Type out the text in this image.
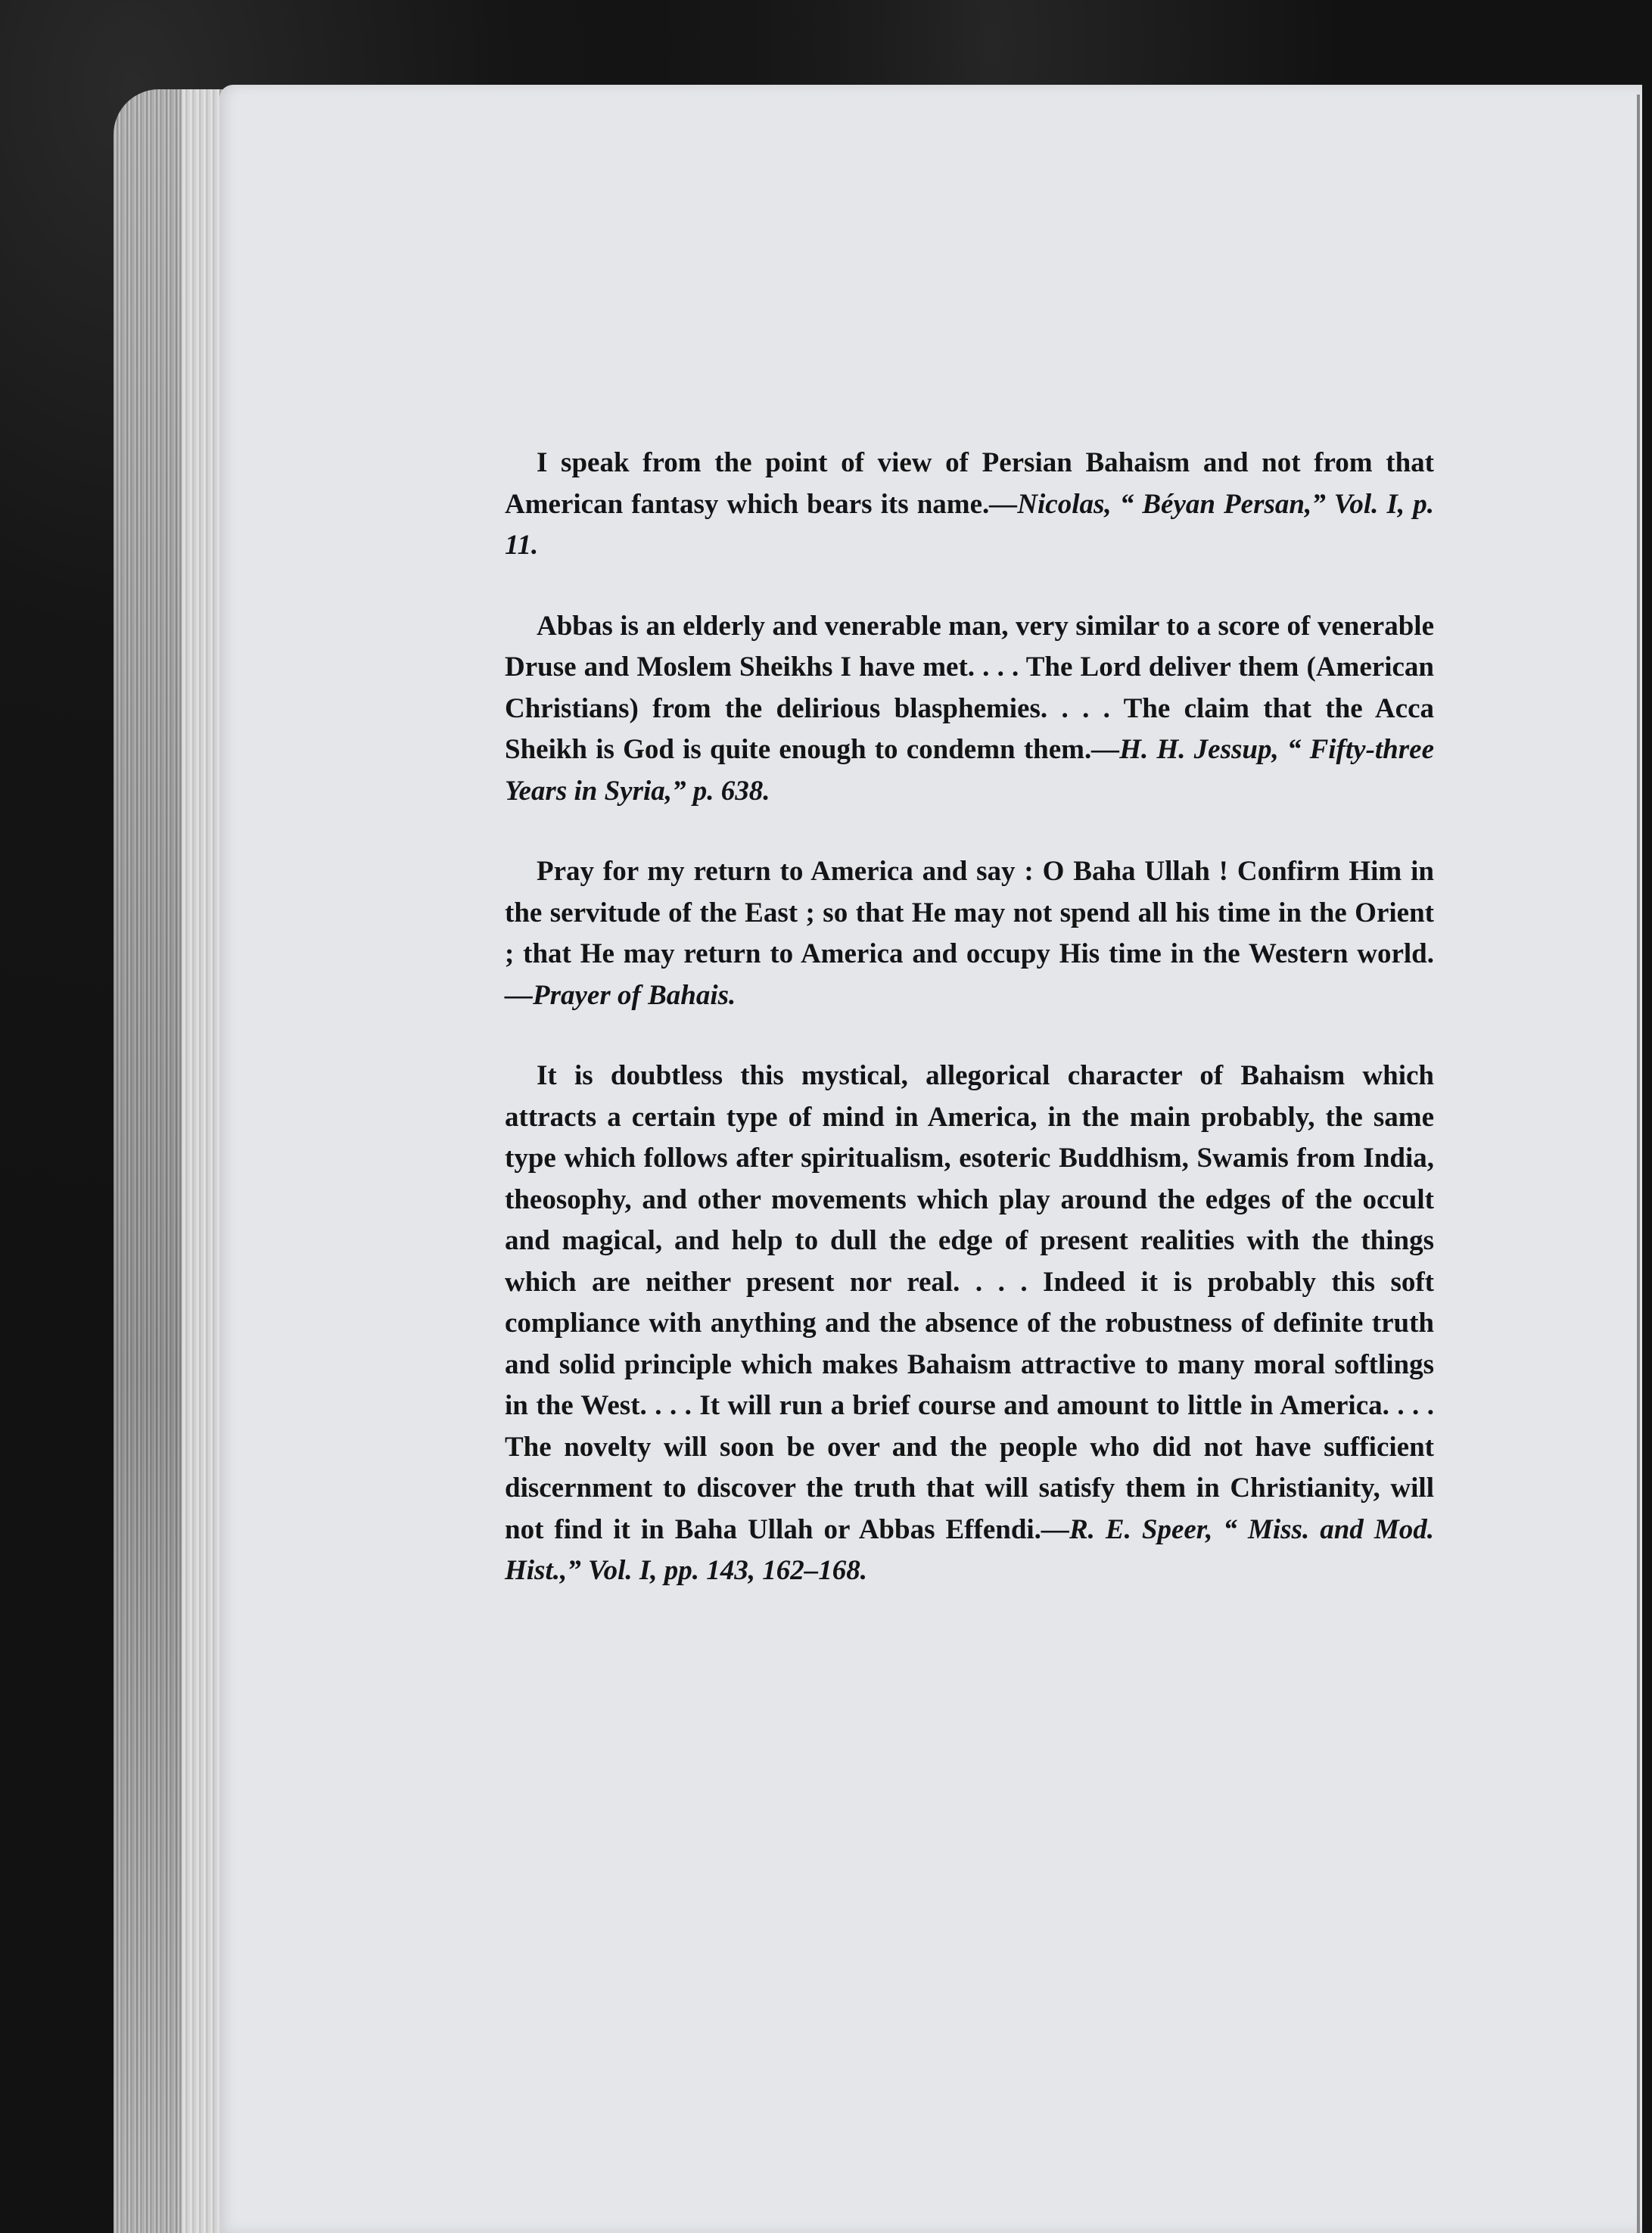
I speak from the point of view of Persian Bahaism and not from that American fantasy which bears its name.—Nicolas, “ Béyan Persan,” Vol. I, p. 11.

Abbas is an elderly and venerable man, very similar to a score of venerable Druse and Moslem Sheikhs I have met. . . . The Lord deliver them (American Christians) from the delirious blasphemies. . . . The claim that the Acca Sheikh is God is quite enough to condemn them.—H. H. Jessup, “ Fifty-three Years in Syria,” p. 638.

Pray for my return to America and say : O Baha Ullah ! Confirm Him in the servitude of the East ; so that He may not spend all his time in the Orient ; that He may return to America and occupy His time in the Western world.—Prayer of Bahais.

It is doubtless this mystical, allegorical character of Bahaism which attracts a certain type of mind in America, in the main probably, the same type which follows after spiritualism, esoteric Buddhism, Swamis from India, theosophy, and other movements which play around the edges of the occult and magical, and help to dull the edge of present realities with the things which are neither present nor real. . . . Indeed it is probably this soft compliance with anything and the absence of the robustness of definite truth and solid principle which makes Bahaism attractive to many moral softlings in the West. . . . It will run a brief course and amount to little in America. . . . The novelty will soon be over and the people who did not have sufficient discernment to discover the truth that will satisfy them in Christianity, will not find it in Baha Ullah or Abbas Effendi.—R. E. Speer, “ Miss. and Mod. Hist.,” Vol. I, pp. 143, 162–168.
